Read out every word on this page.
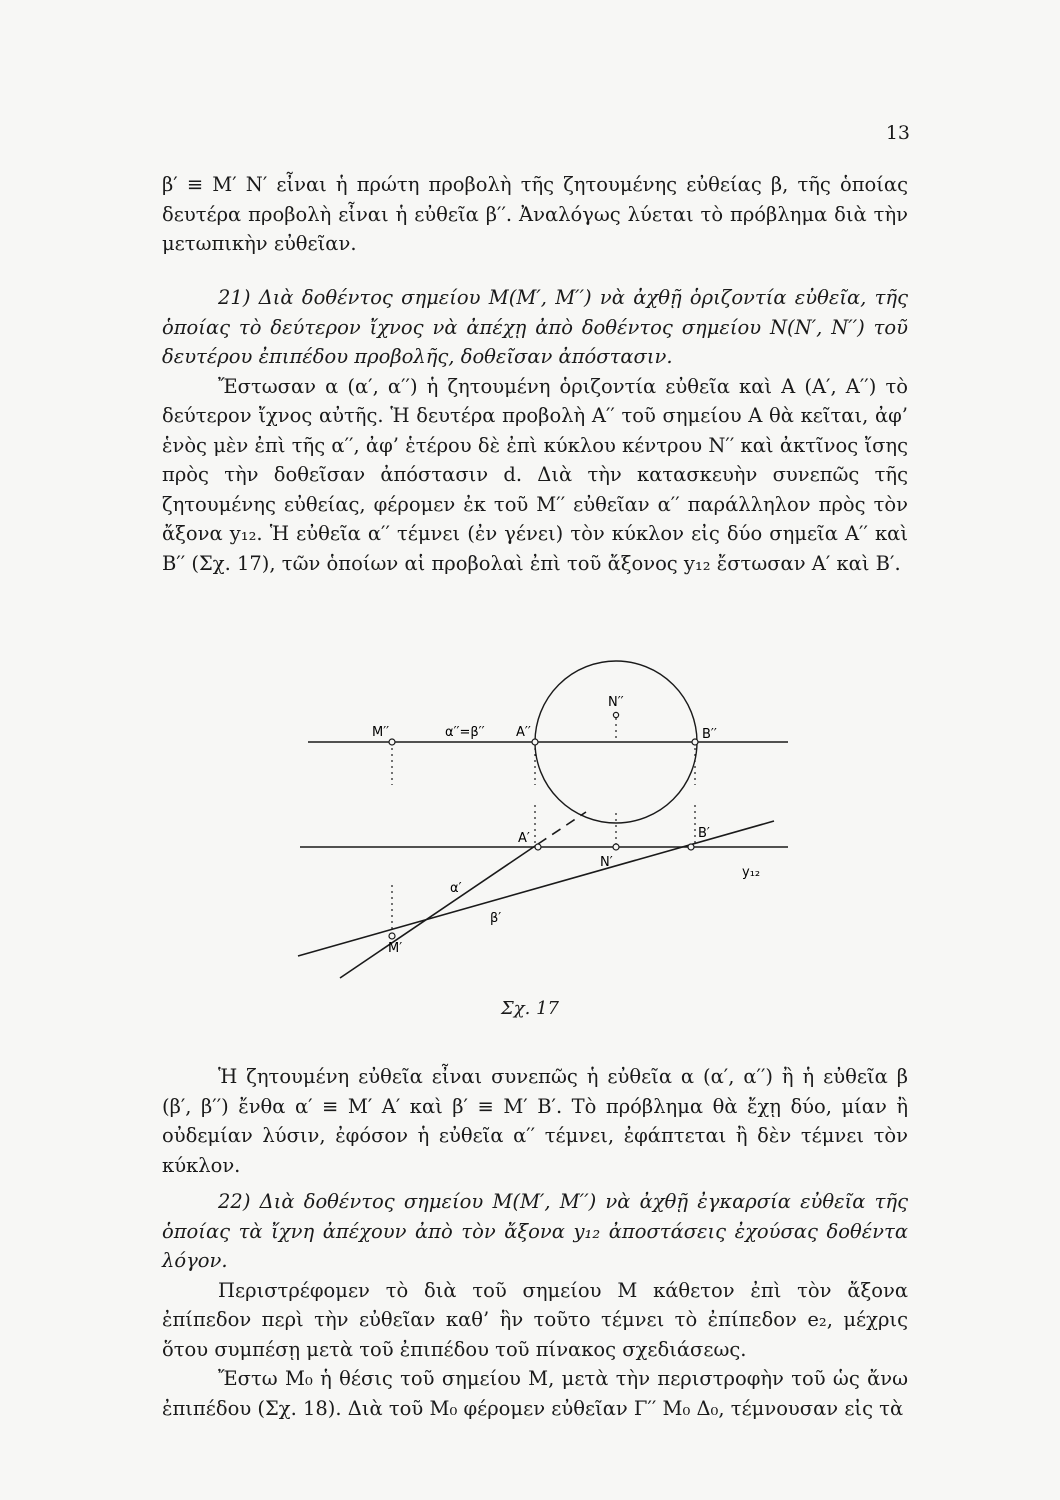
13

β′ ≡ M′ N′ εἶναι ἡ πρώτη προβολὴ τῆς ζητουμένης εὐθείας β, τῆς ὁποίας δευτέρα προβολὴ εἶναι ἡ εὐθεῖα β′′. Ἀναλόγως λύεται τὸ πρόβλημα διὰ τὴν μετωπικὴν εὐθεῖαν.

21) Διὰ δοθέντος σημείου M(M′, M′′) νὰ ἀχθῇ ὁριζοντία εὐθεῖα, τῆς ὁποίας τὸ δεύτερον ἴχνος νὰ ἀπέχῃ ἀπὸ δοθέντος σημείου N(N′, N′′) τοῦ δευτέρου ἐπιπέδου προβολῆς, δοθεῖσαν ἀπόστασιν.

Ἔστωσαν α (α′, α′′) ἡ ζητουμένη ὁριζοντία εὐθεῖα καὶ A (A′, A′′) τὸ δεύτερον ἴχνος αὐτῆς. Ἡ δευτέρα προβολὴ A′′ τοῦ σημείου A θὰ κεῖται, ἀφ’ ἑνὸς μὲν ἐπὶ τῆς α′′, ἀφ’ ἑτέρου δὲ ἐπὶ κύκλου κέντρου N′′ καὶ ἀκτῖνος ἴσης πρὸς τὴν δοθεῖσαν ἀπόστασιν d. Διὰ τὴν κατασκευὴν συνεπῶς τῆς ζητουμένης εὐθείας, φέρομεν ἐκ τοῦ M′′ εὐθεῖαν α′′ παράλληλον πρὸς τὸν ἄξονα y₁₂. Ἡ εὐθεῖα α′′ τέμνει (ἐν γένει) τὸν κύκλον εἰς δύο σημεῖα A′′ καὶ B′′ (Σχ. 17), τῶν ὁποίων αἱ προβολαὶ ἐπὶ τοῦ ἄξονος y₁₂ ἔστωσαν A′ καὶ B′.

M′′	α′′=β′′ A′′
N′′
B′′
A′	B′
N′
y₁₂
α′
β′
M′
Σχ. 17

Ἡ ζητουμένη εὐθεῖα εἶναι συνεπῶς ἡ εὐθεῖα α (α′, α′′) ἢ ἡ εὐθεῖα β (β′, β′′) ἔνθα α′ ≡ M′ A′ καὶ β′ ≡ M′ B′. Τὸ πρόβλημα θὰ ἔχῃ δύο, μίαν ἢ οὐδεμίαν λύσιν, ἐφόσον ἡ εὐθεῖα α′′ τέμνει, ἐφάπτεται ἢ δὲν τέμνει τὸν κύκλον.

22) Διὰ δοθέντος σημείου M(M′, M′′) νὰ ἀχθῇ ἐγκαρσία εὐθεῖα τῆς ὁποίας τὰ ἴχνη ἀπέχουν ἀπὸ τὸν ἄξονα y₁₂ ἀποστάσεις ἐχούσας δοθέντα λόγον.

Περιστρέφομεν τὸ διὰ τοῦ σημείου M κάθετον ἐπὶ τὸν ἄξονα ἐπίπεδον περὶ τὴν εὐθεῖαν καθ’ ἣν τοῦτο τέμνει τὸ ἐπίπεδον e₂, μέχρις ὅτου συμπέσῃ μετὰ τοῦ ἐπιπέδου τοῦ πίνακος σχεδιάσεως.

Ἔστω M₀ ἡ θέσις τοῦ σημείου M, μετὰ τὴν περιστροφὴν τοῦ ὡς ἄνω ἐπιπέδου (Σχ. 18). Διὰ τοῦ M₀ φέρομεν εὐθεῖαν Γ′′ M₀ Δ₀, τέμνουσαν εἰς τὰ
